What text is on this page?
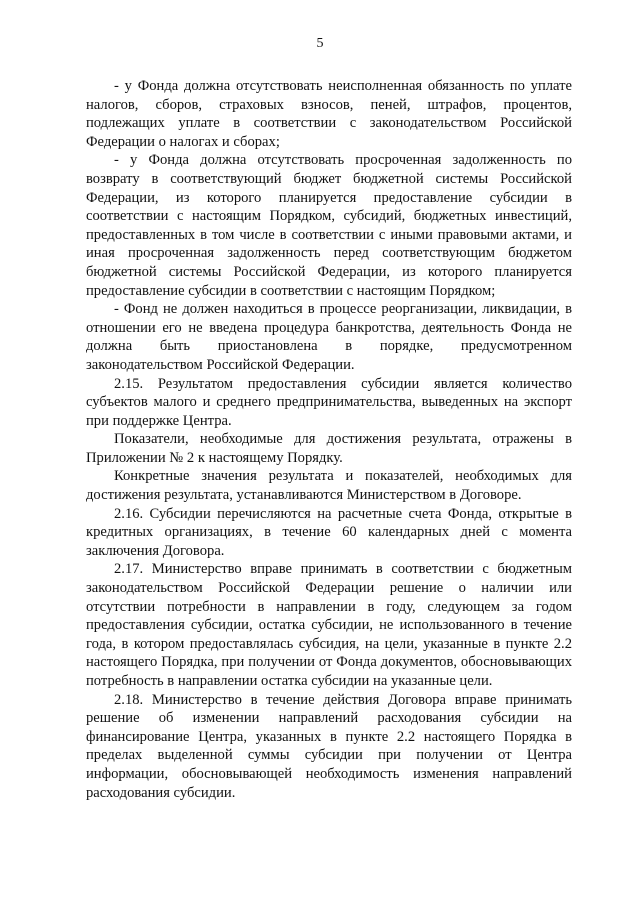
5

- у Фонда должна отсутствовать неисполненная обязанность по уплате налогов, сборов, страховых взносов, пеней, штрафов, процентов, подлежащих уплате в соответствии с законодательством Российской Федерации о налогах и сборах;

- у Фонда должна отсутствовать просроченная задолженность по возврату в соответствующий бюджет бюджетной системы Российской Федерации, из которого планируется предоставление субсидии в соответствии с настоящим Порядком, субсидий, бюджетных инвестиций, предоставленных в том числе в соответствии с иными правовыми актами, и иная просроченная задолженность перед соответствующим бюджетом бюджетной системы Российской Федерации, из которого планируется предоставление субсидии в соответствии с настоящим Порядком;

- Фонд не должен находиться в процессе реорганизации, ликвидации, в отношении его не введена процедура банкротства, деятельность Фонда не должна быть приостановлена в порядке, предусмотренном законодательством Российской Федерации.

2.15. Результатом предоставления субсидии является количество субъектов малого и среднего предпринимательства, выведенных на экспорт при поддержке Центра.

Показатели, необходимые для достижения результата, отражены в Приложении № 2 к настоящему Порядку.

Конкретные значения результата и показателей, необходимых для достижения результата, устанавливаются Министерством в Договоре.

2.16. Субсидии перечисляются на расчетные счета Фонда, открытые в кредитных организациях, в течение 60 календарных дней с момента заключения Договора.

2.17. Министерство вправе принимать в соответствии с бюджетным законодательством Российской Федерации решение о наличии или отсутствии потребности в направлении в году, следующем за годом предоставления субсидии, остатка субсидии, не использованного в течение года, в котором предоставлялась субсидия, на цели, указанные в пункте 2.2 настоящего Порядка, при получении от Фонда документов, обосновывающих потребность в направлении остатка субсидии на указанные цели.

2.18. Министерство в течение действия Договора вправе принимать решение об изменении направлений расходования субсидии на финансирование Центра, указанных в пункте 2.2 настоящего Порядка в пределах выделенной суммы субсидии при получении от Центра информации, обосновывающей необходимость изменения направлений расходования субсидии.
